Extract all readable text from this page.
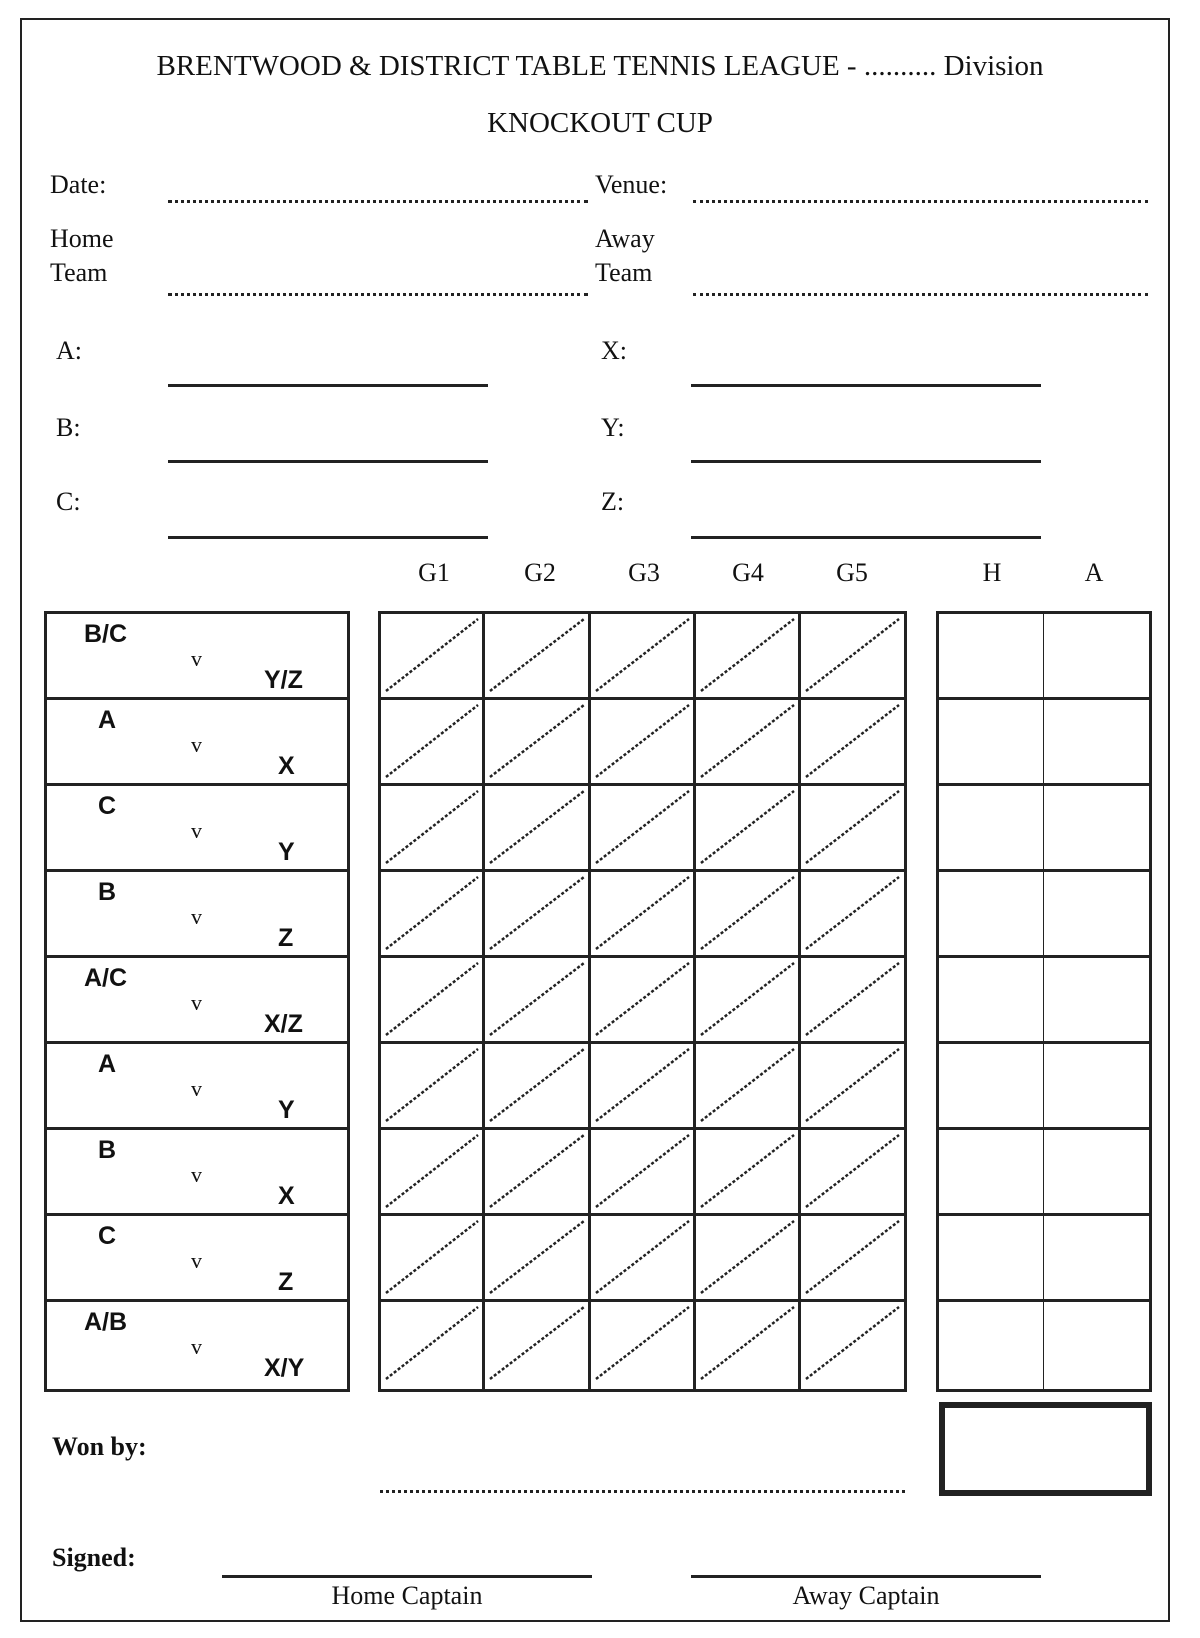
BRENTWOOD & DISTRICT TABLE TENNIS LEAGUE - .......... Division
KNOCKOUT CUP
Date:	Venue:
Home
Team
Away
Team
A:	X:
B:	Y:
C:	Z:
G1	G2	G3	G4	G5	H	A
B/C
v
Y/Z
A
v
X
C
v
Y
B
v
Z
A/C
v
X/Z
A
v
Y
B
v
X
C
v
Z
A/B
v
X/Y
Won by:
Signed:
Home Captain	Away Captain
